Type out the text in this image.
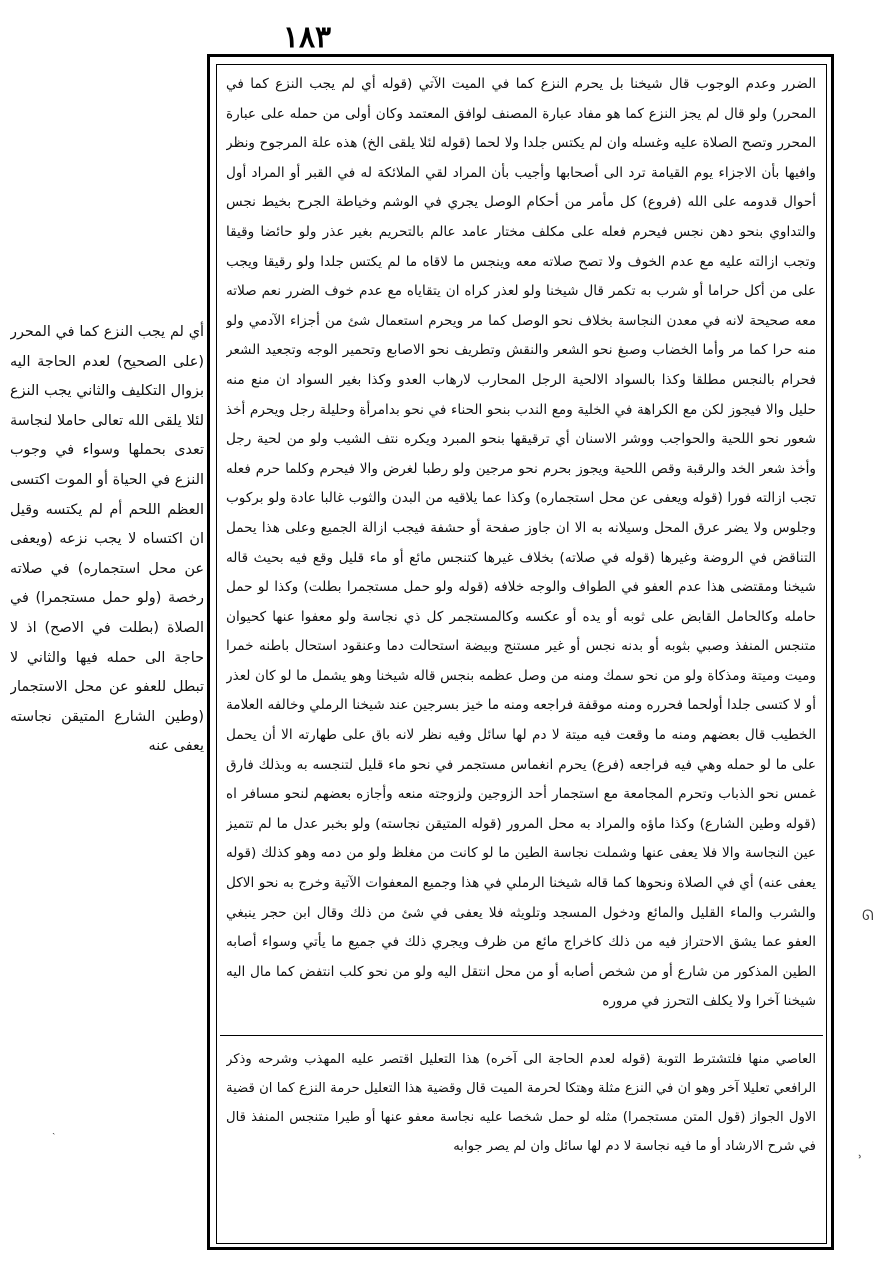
١٨٣

الضرر وعدم الوجوب قال شيخنا بل يحرم النزع كما في الميت الآتي (قوله أي لم يجب النزع كما في المحرر) ولو قال لم يجز النزع كما هو مفاد عبارة المصنف لوافق المعتمد وكان أولى من حمله على عبارة المحرر وتصح الصلاة عليه وغسله وان لم يكتس جلدا ولا لحما (قوله لئلا يلقى الخ) هذه علة المرجوح ونظر وافيها بأن الاجزاء يوم القيامة ترد الى أصحابها وأجيب بأن المراد لقي الملائكة له في القبر أو المراد أول أحوال قدومه على الله (فروع) كل مأمر من أحكام الوصل يجري في الوشم وخياطة الجرح بخيط نجس والتداوي بنحو دهن نجس فيحرم فعله على مكلف مختار عامد عالم بالتحريم بغير عذر ولو حائضا وقيقا وتجب ازالته عليه مع عدم الخوف ولا تصح صلاته معه وينجس ما لاقاه ما لم يكتس جلدا ولو رقيقا ويجب على من أكل حراما أو شرب به تكمر قال شيخنا ولو لعذر كراه ان يتقاياه مع عدم خوف الضرر نعم صلاته معه صحيحة لانه في معدن النجاسة بخلاف نحو الوصل كما مر ويحرم استعمال شئ من أجزاء الآدمي ولو منه حرا كما مر وأما الخضاب وصبغ نحو الشعر والنقش وتطريف نحو الاصابع وتحمير الوجه وتجعيد الشعر فحرام بالنجس مطلقا وكذا بالسواد الالحية الرجل المحارب لارهاب العدو وكذا بغير السواد ان منع منه حليل والا فيجوز لكن مع الكراهة في الخلية ومع الندب بنحو الحناء في نحو بدامرأة وحليلة رجل ويحرم أخذ شعور نحو اللحية والحواجب ووشر الاسنان أي ترقيقها بنحو المبرد ويكره نتف الشيب ولو من لحية رجل وأخذ شعر الخد والرقبة وقص اللحية ويجوز بحرم نحو مرجين ولو رطبا لغرض والا فيحرم وكلما حرم فعله تجب ازالته فورا (قوله ويعفى عن محل استجماره) وكذا عما يلاقيه من البدن والثوب غالبا عادة ولو بركوب وجلوس ولا يضر عرق المحل وسيلانه به الا ان جاوز صفحة أو حشفة فيجب ازالة الجميع وعلى هذا يحمل التناقض في الروضة وغيرها (قوله في صلاته) بخلاف غيرها كتنجس مائع أو ماء قليل وقع فيه بحيث قاله شيخنا ومقتضى هذا عدم العفو في الطواف والوجه خلافه (قوله ولو حمل مستجمرا بطلت) وكذا لو حمل حامله وكالحامل القابض على ثوبه أو يده أو عكسه وكالمستجمر كل ذي نجاسة ولو معفوا عنها كحيوان متنجس المنفذ وصبي بثوبه أو بدنه نجس أو غير مستنج وبيضة استحالت دما وعنقود استحال باطنه خمرا وميت وميتة ومذكاة ولو من نحو سمك ومنه من وصل عظمه بنجس قاله شيخنا وهو يشمل ما لو كان لعذر أو لا كتسى جلدا أولحما فحرره ومنه موقفة فراجعه ومنه ما خيز بسرجين عند شيخنا الرملي وخالفه العلامة الخطيب قال بعضهم ومنه ما وقعت فيه ميتة لا دم لها سائل وفيه نظر لانه باق على طهارته الا أن يحمل على ما لو حمله وهي فيه فراجعه (فرع) يحرم انغماس مستجمر في نحو ماء قليل لتنجسه به وبذلك فارق غمس نحو الذباب وتحرم المجامعة مع استجمار أحد الزوجين ولزوجته منعه وأجازه بعضهم لنحو مسافر اه (قوله وطين الشارع) وكذا ماؤه والمراد به محل المرور (قوله المتيقن نجاسته) ولو بخبر عدل ما لم تتميز عين النجاسة والا فلا يعفى عنها وشملت نجاسة الطين ما لو كانت من مغلظ ولو من دمه وهو كذلك (قوله يعفى عنه) أي في الصلاة ونحوها كما قاله شيخنا الرملي في هذا وجميع المعفوات الآتية وخرج به نحو الاكل والشرب والماء القليل والمائع ودخول المسجد وتلويثه فلا يعفى في شئ من ذلك وقال ابن حجر ينبغي العفو عما يشق الاحتراز فيه من ذلك كاخراج مائع من ظرف ويجري ذلك في جميع ما يأتي وسواء أصابه الطين المذكور من شارع أو من شخص أصابه أو من محل انتقل اليه ولو من نحو كلب انتفض كما مال اليه شيخنا آخرا ولا يكلف التحرز في مروره

العاصي منها فلتشترط التوبة (قوله لعدم الحاجة الى آخره) هذا التعليل اقتصر عليه المهذب وشرحه وذكر الرافعي تعليلا آخر وهو ان في النزع مثلة وهتكا لحرمة الميت قال وقضية هذا التعليل حرمة النزع كما ان قضية الاول الجواز (قول المتن مستجمرا) مثله لو حمل شخصا عليه نجاسة معفو عنها أو طيرا متنجس المنفذ قال في شرح الارشاد أو ما فيه نجاسة لا دم لها سائل وان لم يصر جوابه

أي لم يجب النزع كما في المحرر (على الصحيح) لعدم الحاجة اليه بزوال التكليف والثاني يجب النزع لئلا يلقى الله تعالى حاملا لنجاسة تعدى بحملها وسواء في وجوب النزع في الحياة أو الموت اكتسى العظم اللحم أم لم يكتسه وقيل ان اكتساه لا يجب نزعه (ويعفى عن محل استجماره) في صلاته رخصة (ولو حمل مستجمرا) في الصلاة (بطلت في الاصح) اذ لا حاجة الى حمله فيها والثاني لا تبطل للعفو عن محل الاستجمار (وطين الشارع المتيقن نجاسته يعفى عنه

ᘏ
˒
˴
